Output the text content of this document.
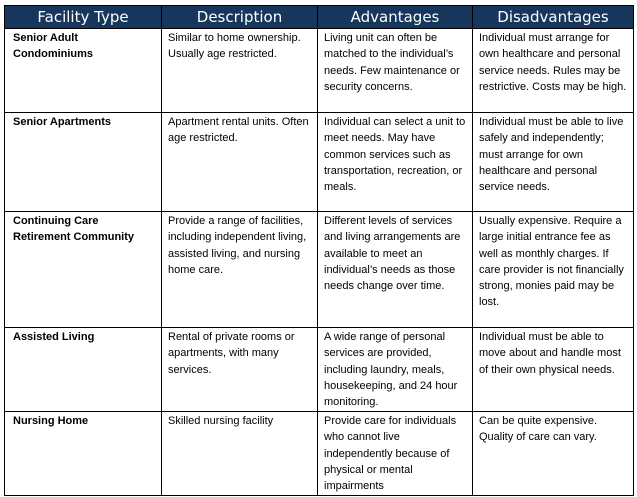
Facility Type	Description	Advantages	Disadvantages
Senior Adult Condominiums	Similar to home ownership. Usually age restricted.	Living unit can often be matched to the individual’s needs. Few maintenance or security concerns.	Individual must arrange for own healthcare and personal service needs. Rules may be restrictive. Costs may be high.
Senior Apartments	Apartment rental units. Often age restricted.	Individual can select a unit to meet needs. May have common services such as transportation, recreation, or meals.	Individual must be able to live safely and independently; must arrange for own healthcare and personal service needs.
Continuing Care Retirement Community	Provide a range of facilities, including independent living, assisted living, and nursing home care.	Different levels of services and living arrangements are available to meet an individual’s needs as those needs change over time.	Usually expensive. Require a large initial entrance fee as well as monthly charges. If care provider is not financially strong, monies paid may be lost.
Assisted Living	Rental of private rooms or apartments, with many services.	A wide range of personal services are provided, including laundry, meals, housekeeping, and 24 hour monitoring.	Individual must be able to move about and handle most of their own physical needs.
Nursing Home	Skilled nursing facility	Provide care for individuals who cannot live independently because of physical or mental impairments	Can be quite expensive. Quality of care can vary.
